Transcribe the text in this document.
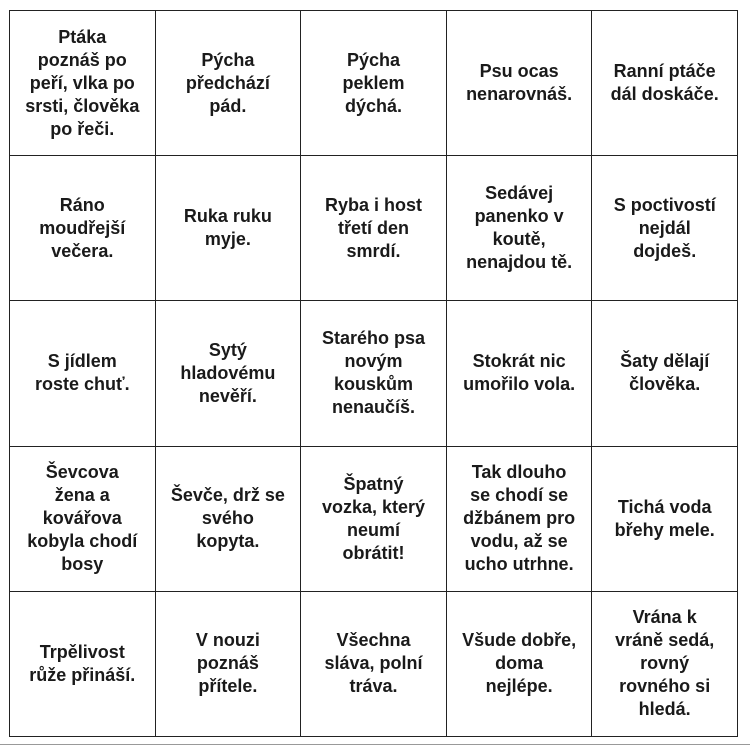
Ptáka
poznáš po
peří, vlka po
srsti, člověka
po řeči.
Pýcha
předchází
pád.
Pýcha
peklem
dýchá.
Psu ocas
nenarovnáš.
Ranní ptáče
dál doskáče.
Ráno
moudřejší
večera.
Ruka ruku
myje.
Ryba i host
třetí den
smrdí.
Sedávej
panenko v
koutě,
nenajdou tě.
S poctivostí
nejdál
dojdeš.
S jídlem
roste chuť.
Sytý
hladovému
nevěří.
Starého psa
novým
kouskům
nenaučíš.
Stokrát nic
umořilo vola.
Šaty dělají
člověka.
Ševcova
žena a
kovářova
kobyla chodí
bosy
Ševče, drž se
svého
kopyta.
Špatný
vozka, který
neumí
obrátit!
Tak dlouho
se chodí se
džbánem pro
vodu, až se
ucho utrhne.
Tichá voda
břehy mele.
Trpělivost
růže přináší.
V nouzi
poznáš
přítele.
Všechna
sláva, polní
tráva.
Všude dobře,
doma
nejlépe.
Vrána k
vráně sedá,
rovný
rovného si
hledá.
